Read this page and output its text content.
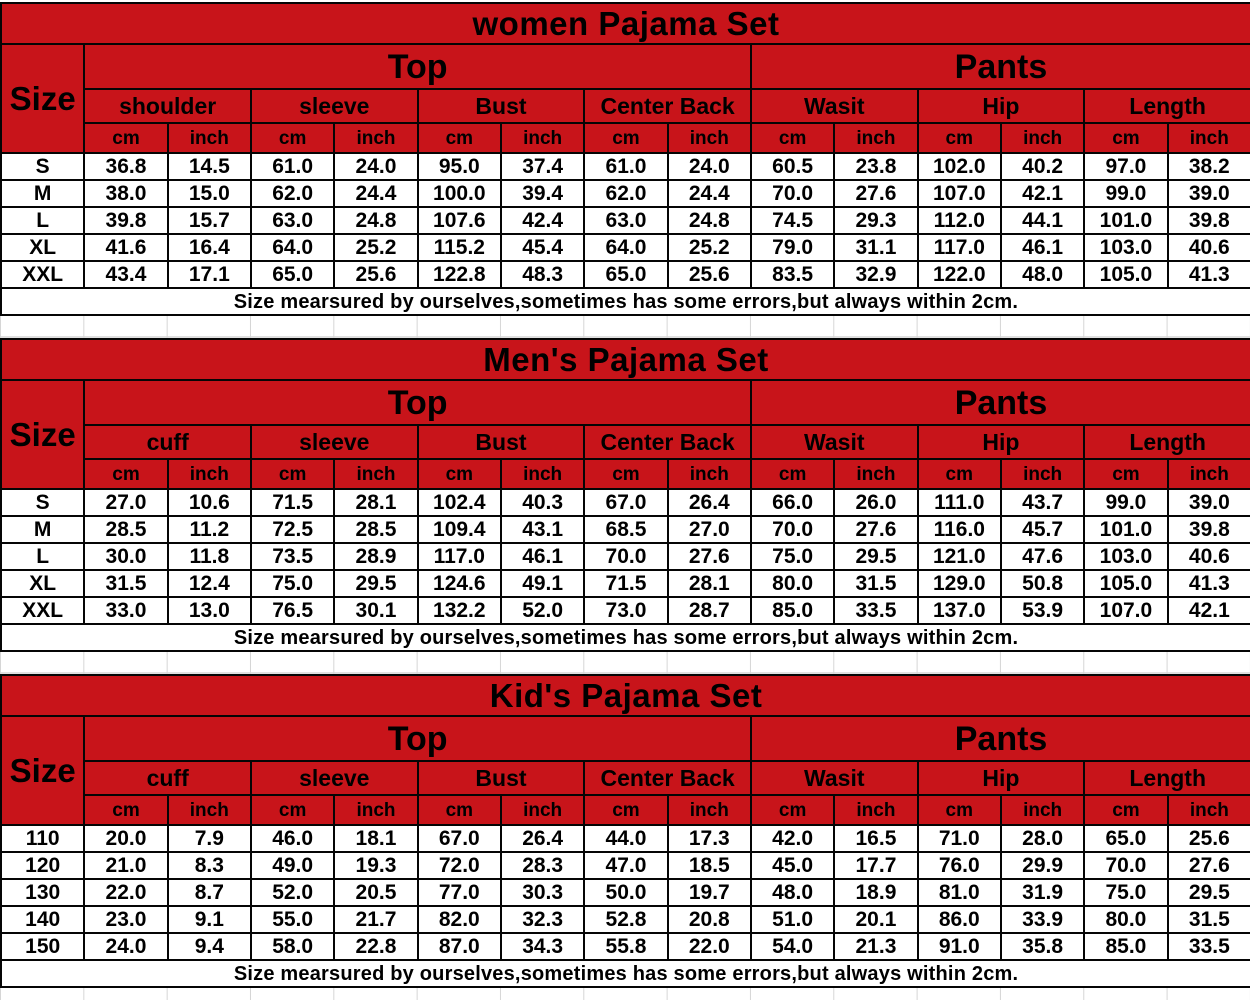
women Pajama Set														
Size	Top								Pants					
	shoulder		sleeve		Bust		Center Back		Wasit		Hip		Length	
	cm	inch	cm	inch	cm	inch	cm	inch	cm	inch	cm	inch	cm	inch
S	36.8	14.5	61.0	24.0	95.0	37.4	61.0	24.0	60.5	23.8	102.0	40.2	97.0	38.2
M	38.0	15.0	62.0	24.4	100.0	39.4	62.0	24.4	70.0	27.6	107.0	42.1	99.0	39.0
L	39.8	15.7	63.0	24.8	107.6	42.4	63.0	24.8	74.5	29.3	112.0	44.1	101.0	39.8
XL	41.6	16.4	64.0	25.2	115.2	45.4	64.0	25.2	79.0	31.1	117.0	46.1	103.0	40.6
XXL	43.4	17.1	65.0	25.6	122.8	48.3	65.0	25.6	83.5	32.9	122.0	48.0	105.0	41.3
Size mearsured by ourselves,sometimes has some errors,but always within 2cm.														
Men's Pajama Set														
Size	Top								Pants					
	cuff		sleeve		Bust		Center Back		Wasit		Hip		Length	
	cm	inch	cm	inch	cm	inch	cm	inch	cm	inch	cm	inch	cm	inch
S	27.0	10.6	71.5	28.1	102.4	40.3	67.0	26.4	66.0	26.0	111.0	43.7	99.0	39.0
M	28.5	11.2	72.5	28.5	109.4	43.1	68.5	27.0	70.0	27.6	116.0	45.7	101.0	39.8
L	30.0	11.8	73.5	28.9	117.0	46.1	70.0	27.6	75.0	29.5	121.0	47.6	103.0	40.6
XL	31.5	12.4	75.0	29.5	124.6	49.1	71.5	28.1	80.0	31.5	129.0	50.8	105.0	41.3
XXL	33.0	13.0	76.5	30.1	132.2	52.0	73.0	28.7	85.0	33.5	137.0	53.9	107.0	42.1
Size mearsured by ourselves,sometimes has some errors,but always within 2cm.														
Kid's Pajama Set														
Size	Top								Pants					
	cuff		sleeve		Bust		Center Back		Wasit		Hip		Length	
	cm	inch	cm	inch	cm	inch	cm	inch	cm	inch	cm	inch	cm	inch
110	20.0	7.9	46.0	18.1	67.0	26.4	44.0	17.3	42.0	16.5	71.0	28.0	65.0	25.6
120	21.0	8.3	49.0	19.3	72.0	28.3	47.0	18.5	45.0	17.7	76.0	29.9	70.0	27.6
130	22.0	8.7	52.0	20.5	77.0	30.3	50.0	19.7	48.0	18.9	81.0	31.9	75.0	29.5
140	23.0	9.1	55.0	21.7	82.0	32.3	52.8	20.8	51.0	20.1	86.0	33.9	80.0	31.5
150	24.0	9.4	58.0	22.8	87.0	34.3	55.8	22.0	54.0	21.3	91.0	35.8	85.0	33.5
Size mearsured by ourselves,sometimes has some errors,but always within 2cm.														
